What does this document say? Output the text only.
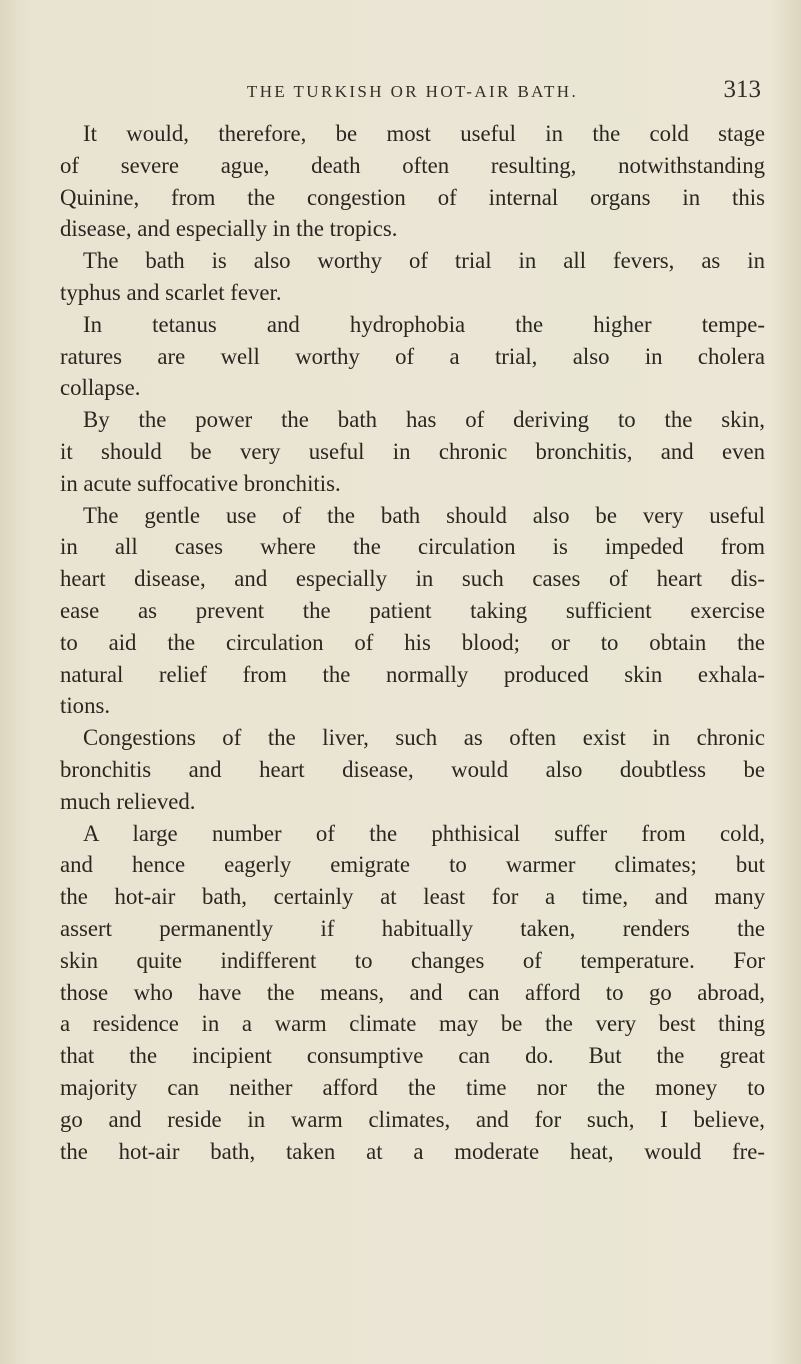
THE TURKISH OR HOT-AIR BATH.	313
It would, therefore, be most useful in the cold stage
of severe ague, death often resulting, notwithstanding
Quinine, from the congestion of internal organs in this
disease, and especially in the tropics.
The bath is also worthy of trial in all fevers, as in
typhus and scarlet fever.
In tetanus and hydrophobia the higher tempe-
ratures are well worthy of a trial, also in cholera
collapse.
By the power the bath has of deriving to the skin,
it should be very useful in chronic bronchitis, and even
in acute suffocative bronchitis.
The gentle use of the bath should also be very useful
in all cases where the circulation is impeded from
heart disease, and especially in such cases of heart dis-
ease as prevent the patient taking sufficient exercise
to aid the circulation of his blood; or to obtain the
natural relief from the normally produced skin exhala-
tions.
Congestions of the liver, such as often exist in chronic
bronchitis and heart disease, would also doubtless be
much relieved.
A large number of the phthisical suffer from cold,
and hence eagerly emigrate to warmer climates; but
the hot-air bath, certainly at least for a time, and many
assert permanently if habitually taken, renders the
skin quite indifferent to changes of temperature. For
those who have the means, and can afford to go abroad,
a residence in a warm climate may be the very best thing
that the incipient consumptive can do. But the great
majority can neither afford the time nor the money to
go and reside in warm climates, and for such, I believe,
the hot-air bath, taken at a moderate heat, would fre-
